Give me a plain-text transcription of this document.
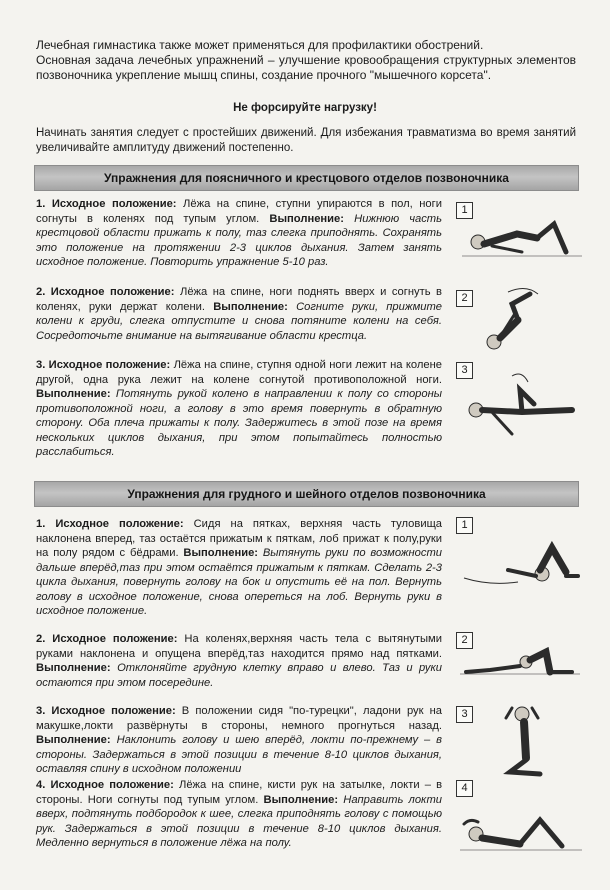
Лечебная гимнастика также может применяться для профилактики обострений.
Основная задача лечебных упражнений – улучшение кровообращения структурных элементов позвоночника укрепление мышц спины, создание прочного "мышечного корсета".
Не форсируйте нагрузку!
Начинать занятия следует с простейших движений. Для избежания травматизма во время занятий увеличивайте амплитуду движений постепенно.
Упражнения для поясничного и крестцового отделов позвоночника
1. Исходное положение: Лёжа на спине, ступни упираются в пол, ноги согнуты в коленях под тупым углом. Выполнение: Нижнюю часть крестцовой области прижать к полу, таз слегка приподнять. Сохранять это положение на протяжении 2-3 циклов дыхания. Затем занять исходное положение. Повторить упражнение 5-10 раз.
2. Исходное положение: Лёжа на спине, ноги поднять вверх и согнуть в коленях, руки держат колени. Выполнение: Согните руки, прижмите колени к груди, слегка отпустите и снова потяните колени на себя. Сосредоточьте внимание на вытягивание области крестца.
3. Исходное положение: Лёжа на спине, ступня одной ноги лежит на колене другой, одна рука лежит на колене согнутой противоположной ноги. Выполнение: Потянуть рукой колено в направлении к полу со стороны противоположной ноги, а голову в это время повернуть в обратную сторону. Оба плеча прижаты к полу. Задержитесь в этой позе на время нескольких циклов дыхания, при этом попытайтесь полностью расслабиться.
1
2
3
Упражнения для грудного и шейного отделов позвоночника
1. Исходное положение: Сидя на пятках, верхняя часть туловища наклонена вперед, таз остаётся прижатым к пяткам, лоб прижат к полу,руки на полу рядом с бёдрами. Выполнение: Вытянуть руки по возможности дальше вперёд,таз при этом остаётся прижатым к пяткам. Сделать 2-3 цикла дыхания, повернуть голову на бок и опустить её на пол. Вернуть голову в исходное положение, снова опереться на лоб. Вернуть руки в исходное положение.
2. Исходное положение: На коленях,верхняя часть тела с вытянутыми руками наклонена и опущена вперёд,таз находится прямо над пятками. Выполнение: Отклоняйте грудную клетку вправо и влево. Таз и руки остаются при этом посередине.
3. Исходное положение: В положении сидя "по-турецки", ладони рук на макушке,локти развёрнуты в стороны, немного прогнуться назад. Выполнение: Наклонить голову и шею вперёд, локти по-прежнему – в стороны. Задержаться в этой позиции в течение 8-10 циклов дыхания, оставляя спину в исходном положении
4. Исходное положение: Лёжа на спине, кисти рук на затылке, локти – в стороны. Ноги согнуты под тупым углом. Выполнение: Направить локти вверх, подтянуть подбородок к шее, слегка приподнять голову с помощью рук. Задержаться в этой позиции в течение 8-10 циклов дыхания. Медленно вернуться в положение лёжа на полу.
1
2
3
4
